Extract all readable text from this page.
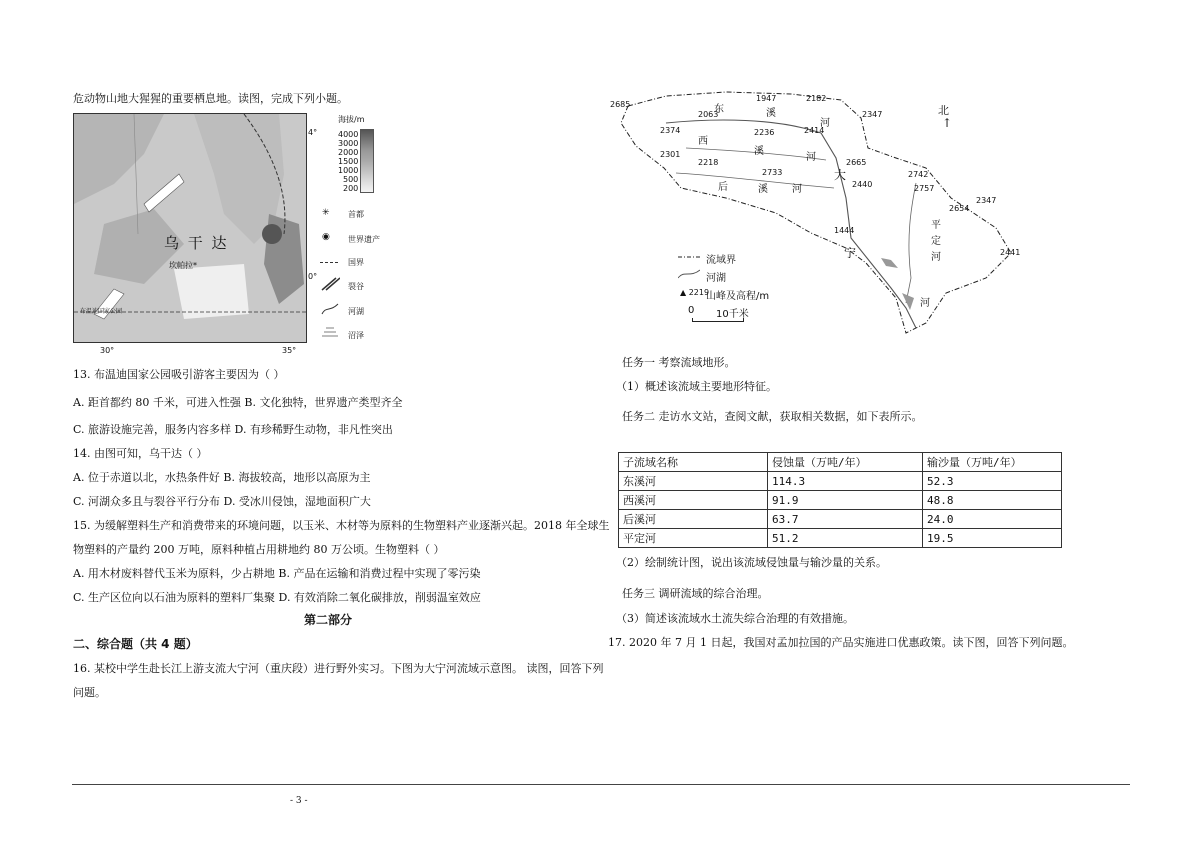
危动物山地大猩猩的重要栖息地。读图，完成下列小题。
乌 干 达
坎帕拉*
布温迪国家公园
4°
0°
30°	35°
海拔/m
4000
3000
2000
1500
1000
500
200
✳ 首都
◉ 世界遗产
国界
裂谷
河湖
沼泽
13. 布温迪国家公园吸引游客主要因为（ ）
A. 距首都约 80 千米，可进入性强 B. 文化独特，世界遗产类型齐全
C. 旅游设施完善，服务内容多样 D. 有珍稀野生动物，非凡性突出
14. 由图可知，乌干达（ ）
A. 位于赤道以北，水热条件好 B. 海拔较高，地形以高原为主
C. 河湖众多且与裂谷平行分布 D. 受冰川侵蚀，湿地面积广大
15. 为缓解塑料生产和消费带来的环境问题，以玉米、木材等为原料的生物塑料产业逐渐兴起。2018 年全球生
物塑料的产量约 200 万吨，原料种植占用耕地约 80 万公顷。生物塑料（ ）
A. 用木材废料替代玉米为原料，少占耕地 B. 产品在运输和消费过程中实现了零污染
C. 生产区位向以石油为原料的塑料厂集聚 D. 有效消除二氧化碳排放，削弱温室效应
第二部分
二、综合题（共 4 题）
16. 某校中学生赴长江上游支流大宁河（重庆段）进行野外实习。下图为大宁河流域示意图。 读图，回答下列
问题。
北
↑
东	溪
河
西
溪
河
后	溪 河
大
宁
平
定
河
河
2685
1947	2182
2063	2347
2374	2236	2414
2301
2665
2218
2733
2440
2742
2757
2654
2347
1444
2441
流域界
河湖
▲ 2219
山峰及高程/m
0 10千米
任务一 考察流域地形。
（1）概述该流域主要地形特征。
任务二 走访水文站，查阅文献，获取相关数据，如下表所示。
子流域名称	侵蚀量（万吨/年）	输沙量（万吨/年）
东溪河	114.3	52.3
西溪河	91.9	48.8
后溪河	63.7	24.0
平定河	51.2	19.5
（2）绘制统计图，说出该流域侵蚀量与输沙量的关系。
任务三 调研流域的综合治理。
（3）简述该流域水土流失综合治理的有效措施。
17. 2020 年 7 月 1 日起，我国对孟加拉国的产品实施进口优惠政策。读下图，回答下列问题。
- 3 -
